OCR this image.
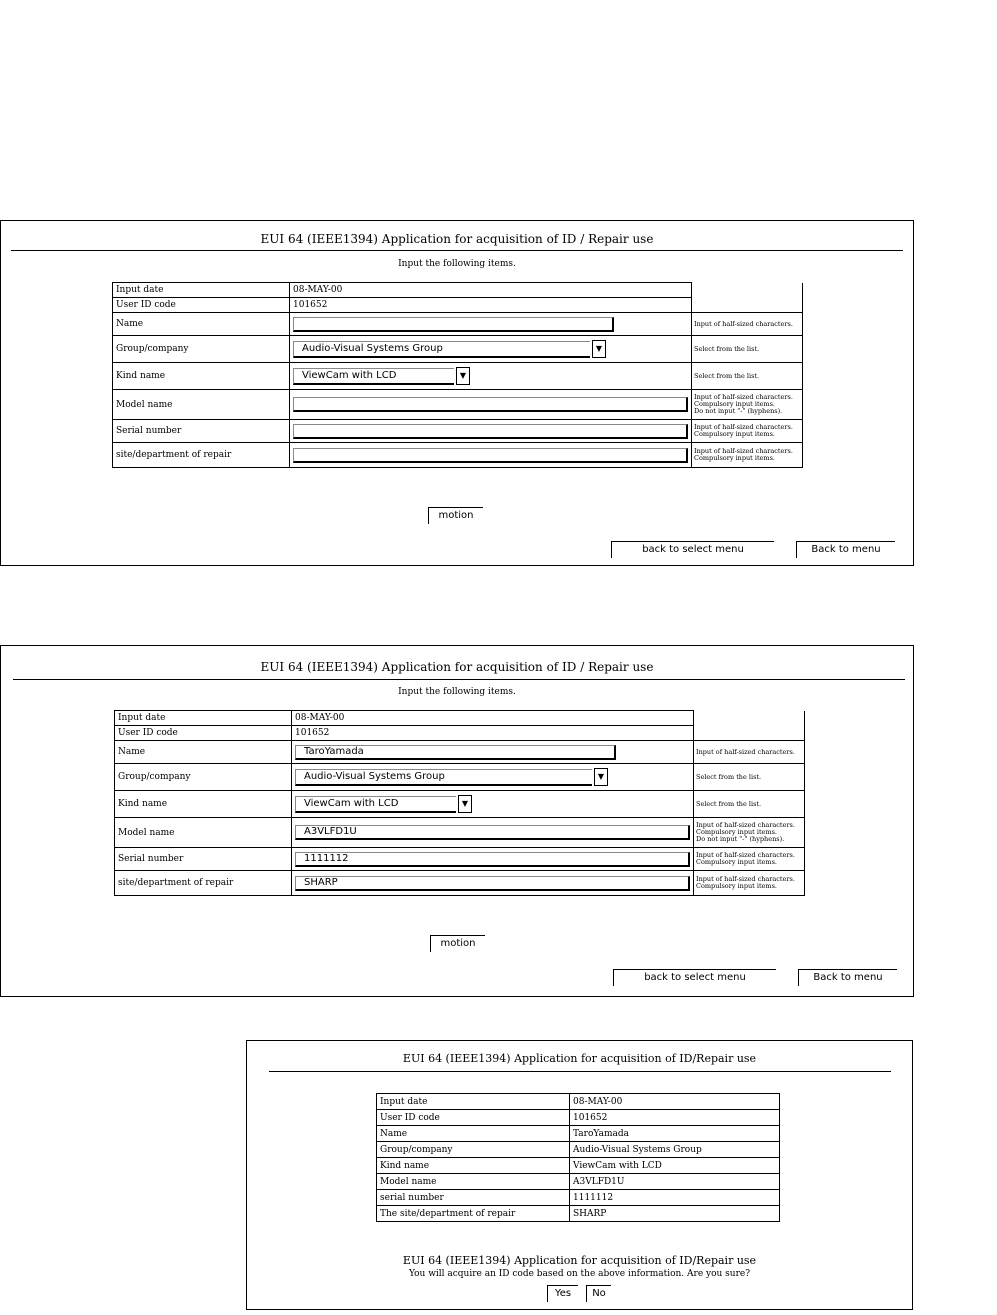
EUI 64 (IEEE1394) Application for acquisition of ID / Repair use
Input the following items.
Input date	08-MAY-00	
User ID code	101652	
Name		Input of half-sized characters.
Group/company	Audio-Visual Systems Group ▼	Select from the list.
Kind name	ViewCam with LCD ▼	Select from the list.
Model name		Input of half-sized characters.
Compulsory input items.
Do not input "-" (hyphens).
Serial number		Input of half-sized characters.
Compulsory input items.
site/department of repair		Input of half-sized characters.
Compulsory input items.
motion
back to select menu	Back to menu
EUI 64 (IEEE1394) Application for acquisition of ID / Repair use
Input the following items.
Input date	08-MAY-00	
User ID code	101652	
Name	TaroYamada	Input of half-sized characters.
Group/company	Audio-Visual Systems Group ▼	Select from the list.
Kind name	ViewCam with LCD ▼	Select from the list.
Model name	A3VLFD1U	Input of half-sized characters.
Compulsory input items.
Do not input "-" (hyphens).
Serial number	1111112	Input of half-sized characters.
Compulsory input items.
site/department of repair	SHARP	Input of half-sized characters.
Compulsory input items.
motion
back to select menu	Back to menu
EUI 64 (IEEE1394) Application for acquisition of ID/Repair use
Input date	08-MAY-00
User ID code	101652
Name	TaroYamada
Group/company	Audio-Visual Systems Group
Kind name	ViewCam with LCD
Model name	A3VLFD1U
serial number	1111112
The site/department of repair	SHARP
EUI 64 (IEEE1394) Application for acquisition of ID/Repair use
You will acquire an ID code based on the above information. Are you sure?
Yes	No
